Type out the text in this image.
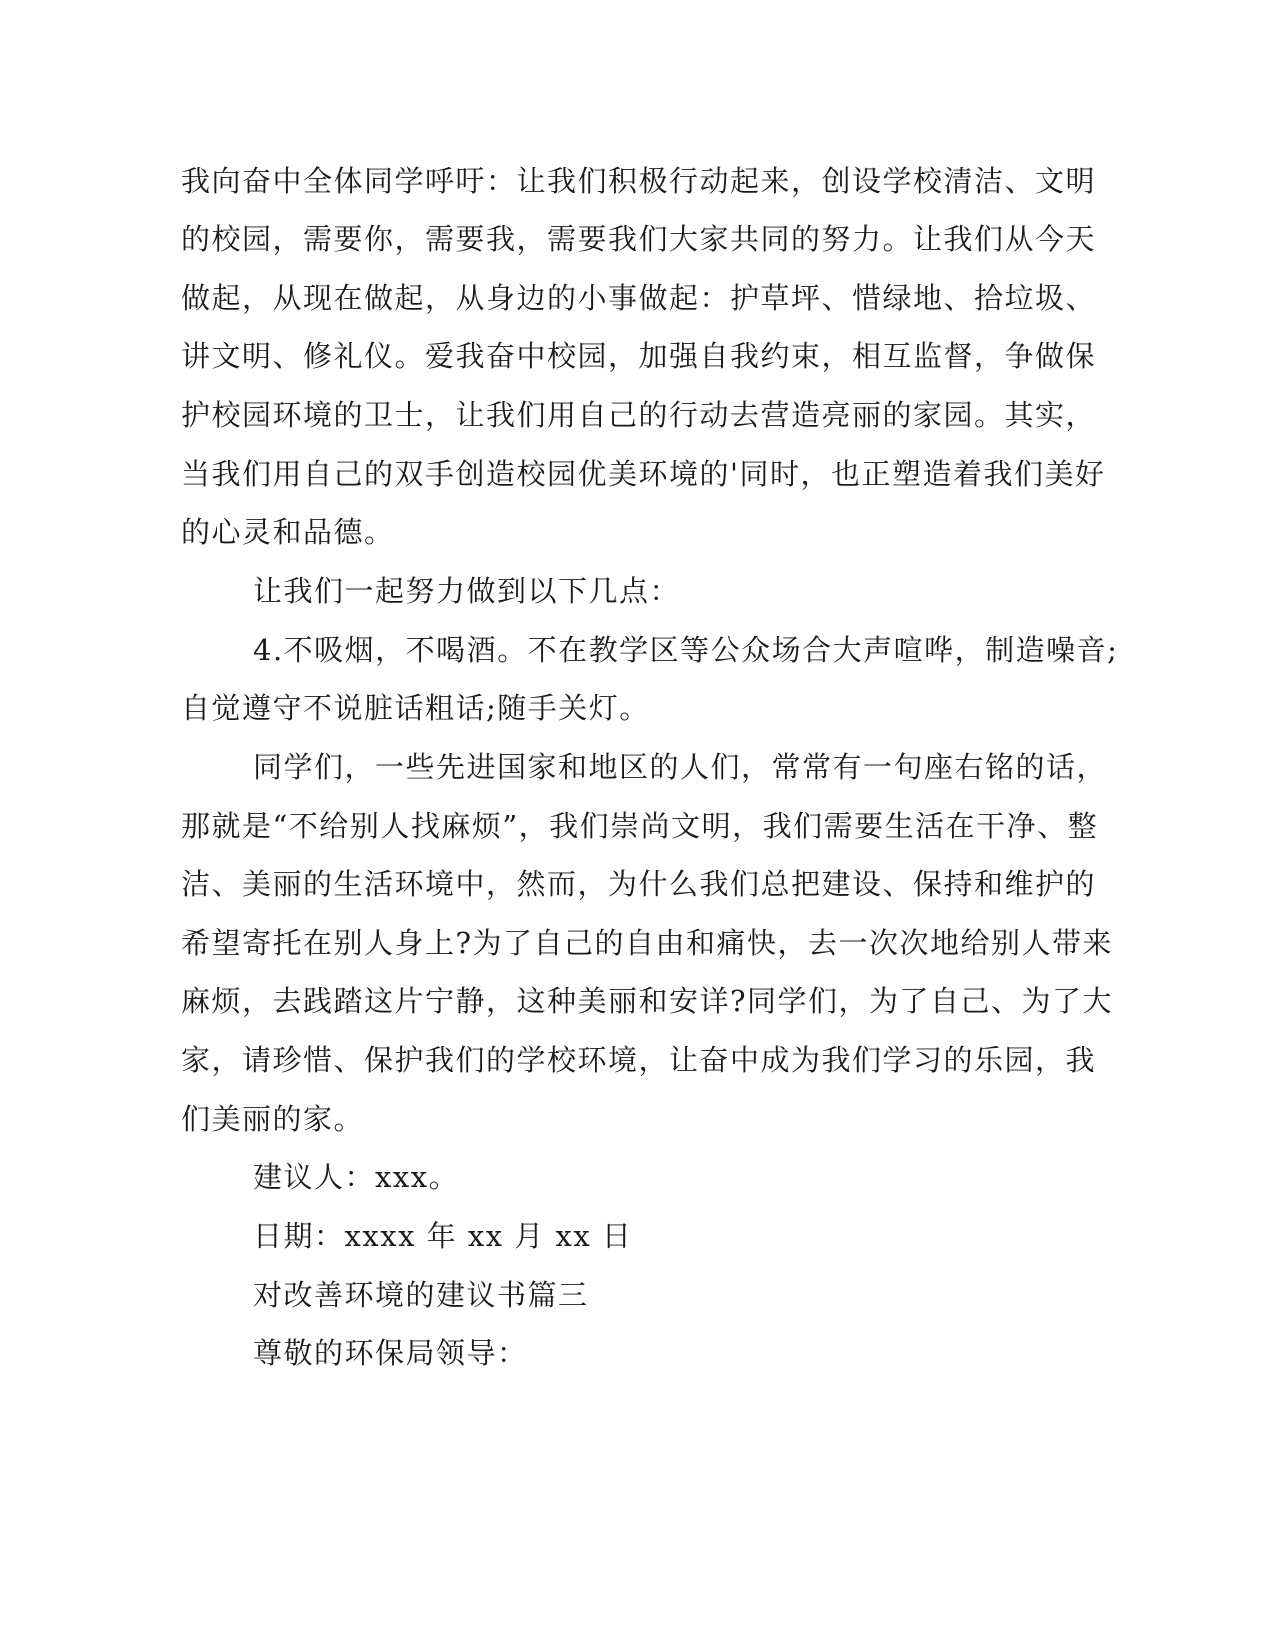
我向奋中全体同学呼吁：让我们积极行动起来，创设学校清洁、文明
的校园，需要你，需要我，需要我们大家共同的努力。让我们从今天
做起，从现在做起，从身边的小事做起：护草坪、惜绿地、拾垃圾、
讲文明、修礼仪。爱我奋中校园，加强自我约束，相互监督，争做保
护校园环境的卫士，让我们用自己的行动去营造亮丽的家园。其实，
当我们用自己的双手创造校园优美环境的'同时，也正塑造着我们美好
的心灵和品德。
让我们一起努力做到以下几点：
4.不吸烟，不喝酒。不在教学区等公众场合大声喧哗，制造噪音;
自觉遵守不说脏话粗话;随手关灯。
同学们，一些先进国家和地区的人们，常常有一句座右铭的话，
那就是“不给别人找麻烦”，我们崇尚文明，我们需要生活在干净、整
洁、美丽的生活环境中，然而，为什么我们总把建设、保持和维护的
希望寄托在别人身上?为了自己的自由和痛快，去一次次地给别人带来
麻烦，去践踏这片宁静，这种美丽和安详?同学们，为了自己、为了大
家，请珍惜、保护我们的学校环境，让奋中成为我们学习的乐园，我
们美丽的家。
建议人：xxx。
日期：xxxx 年 xx 月 xx 日
对改善环境的建议书篇三
尊敬的环保局领导：
